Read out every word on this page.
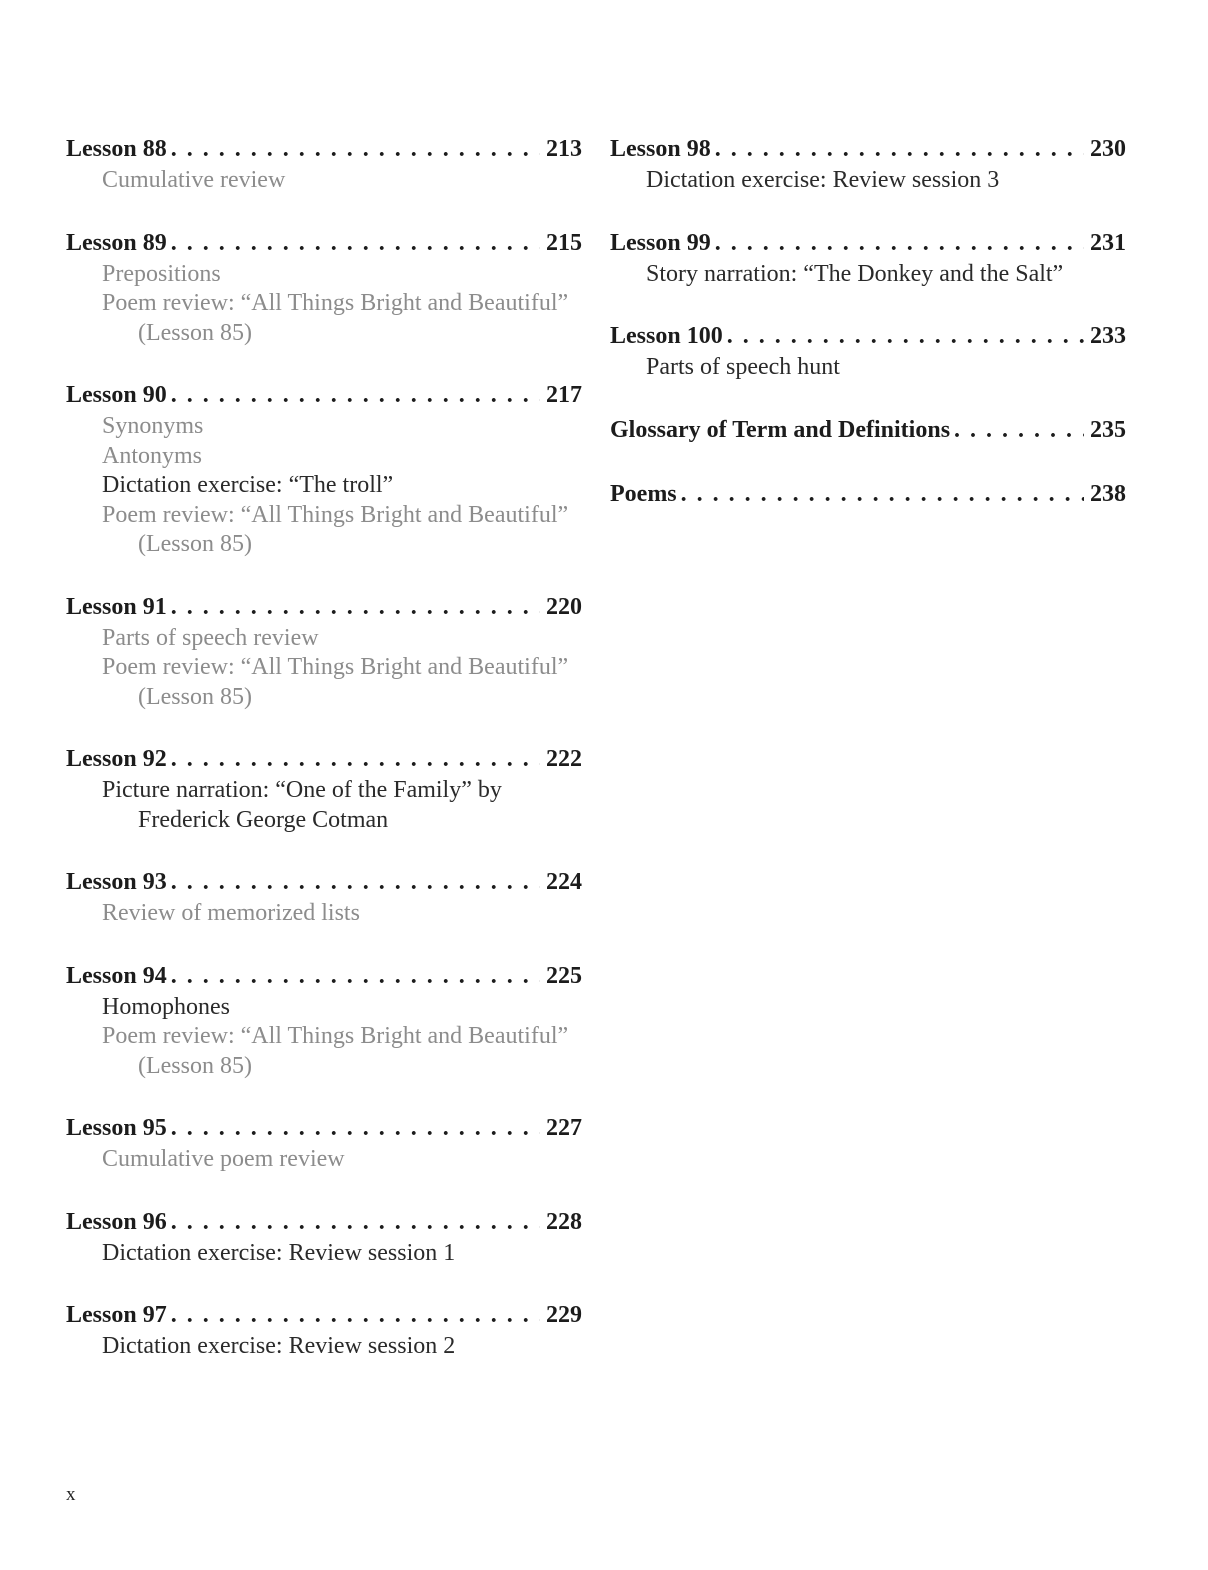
Lesson 88 . . .	213
Cumulative review
Lesson 89 . . .	215
Prepositions
Poem review: “All Things Bright and Beautiful” (Lesson 85)
Lesson 90 . . .	217
Synonyms
Antonyms
Dictation exercise: “The troll”
Poem review: “All Things Bright and Beautiful” (Lesson 85)
Lesson 91 . . .	220
Parts of speech review
Poem review: “All Things Bright and Beautiful” (Lesson 85)
Lesson 92 . . .	222
Picture narration: “One of the Family” by Frederick George Cotman
Lesson 93 . . .	224
Review of memorized lists
Lesson 94 . . .	225
Homophones
Poem review: “All Things Bright and Beautiful” (Lesson 85)
Lesson 95 . . .	227
Cumulative poem review
Lesson 96 . . .	228
Dictation exercise: Review session 1
Lesson 97 . . .	229
Dictation exercise: Review session 2
Lesson 98 . . .	230
Dictation exercise: Review session 3
Lesson 99 . . .	231
Story narration: “The Donkey and the Salt”
Lesson 100 . . .	233
Parts of speech hunt
Glossary of Term and Definitions . . .	235
Poems . . .	238
x
